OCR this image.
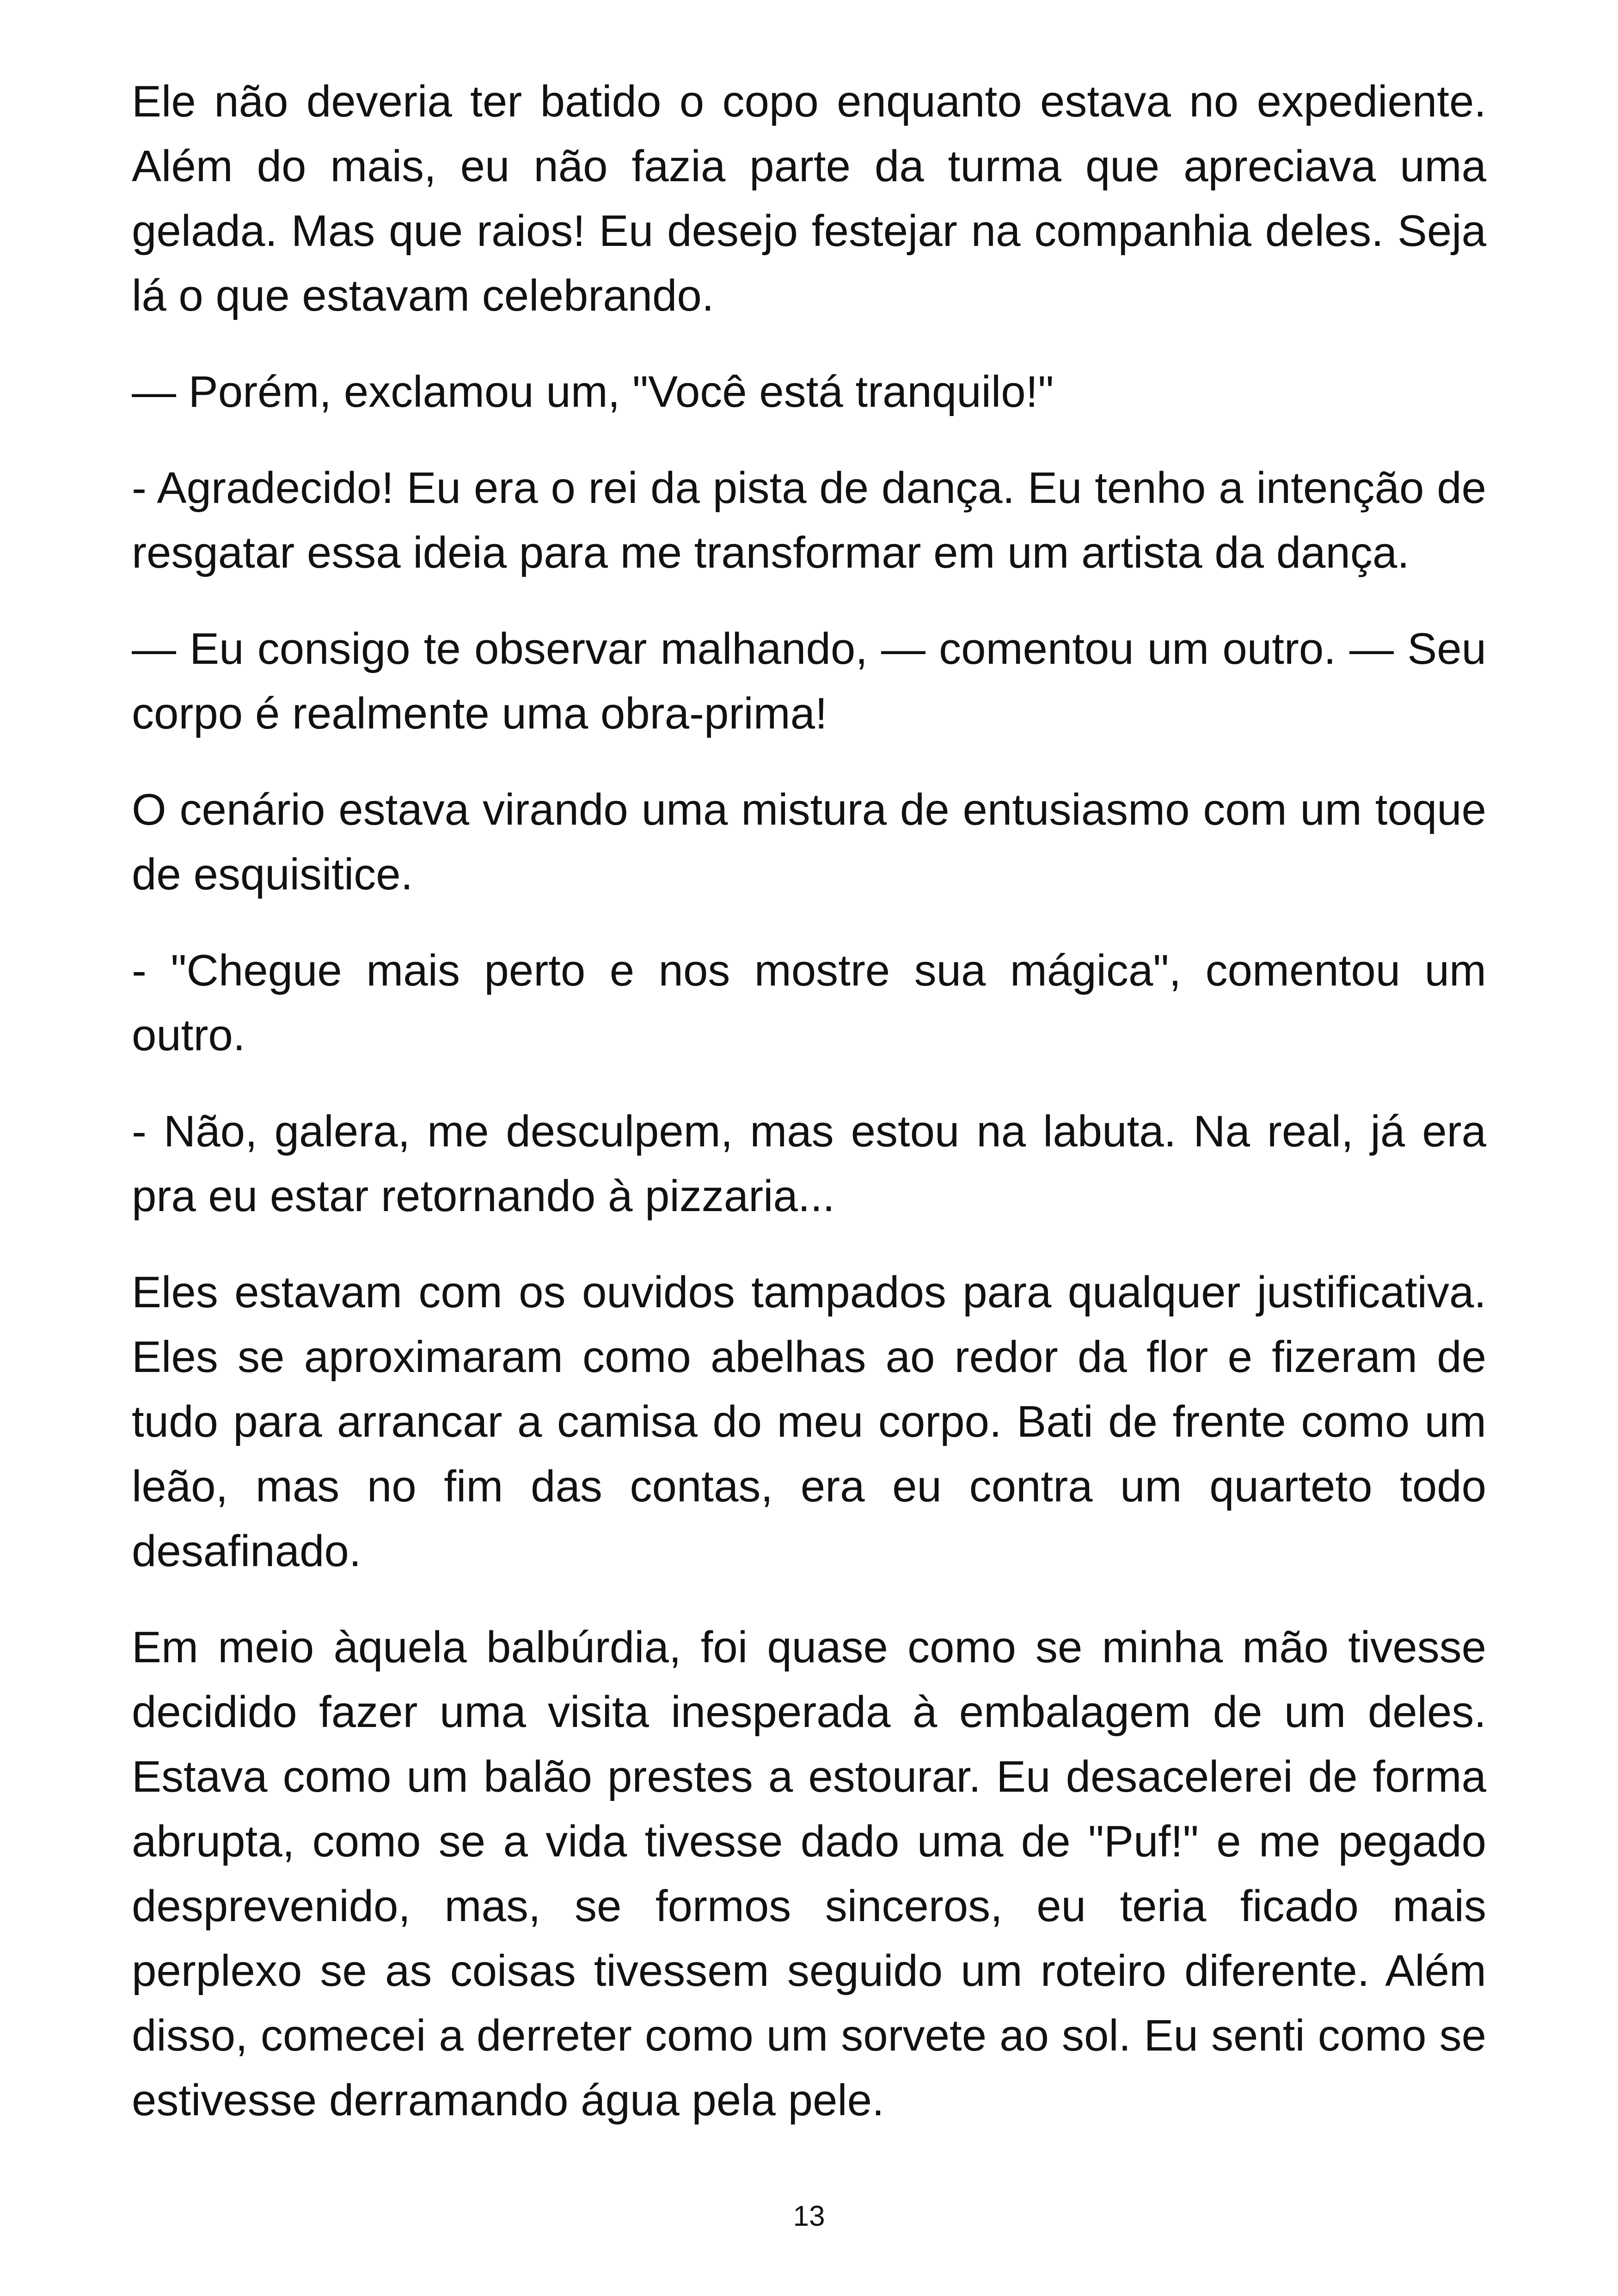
Ele não deveria ter batido o copo enquanto estava no expediente. Além do mais, eu não fazia parte da turma que apreciava uma gelada. Mas que raios! Eu desejo festejar na companhia deles. Seja lá o que estavam celebrando.

— Porém, exclamou um, "Você está tranquilo!"

- Agradecido! Eu era o rei da pista de dança. Eu tenho a intenção de resgatar essa ideia para me transformar em um artista da dança.

— Eu consigo te observar malhando, — comentou um outro. — Seu corpo é realmente uma obra-prima!

O cenário estava virando uma mistura de entusiasmo com um toque de esquisitice.

- "Chegue mais perto e nos mostre sua mágica", comentou um outro.

- Não, galera, me desculpem, mas estou na labuta. Na real, já era pra eu estar retornando à pizzaria...

Eles estavam com os ouvidos tampados para qualquer justificativa. Eles se aproximaram como abelhas ao redor da flor e fizeram de tudo para arrancar a camisa do meu corpo. Bati de frente como um leão, mas no fim das contas, era eu contra um quarteto todo desafinado.

Em meio àquela balbúrdia, foi quase como se minha mão tivesse decidido fazer uma visita inesperada à embalagem de um deles. Estava como um balão prestes a estourar. Eu desacelerei de forma abrupta, como se a vida tivesse dado uma de "Puf!" e me pegado desprevenido, mas, se formos sinceros, eu teria ficado mais perplexo se as coisas tivessem seguido um roteiro diferente. Além disso, comecei a derreter como um sorvete ao sol. Eu senti como se estivesse derramando água pela pele.

13
